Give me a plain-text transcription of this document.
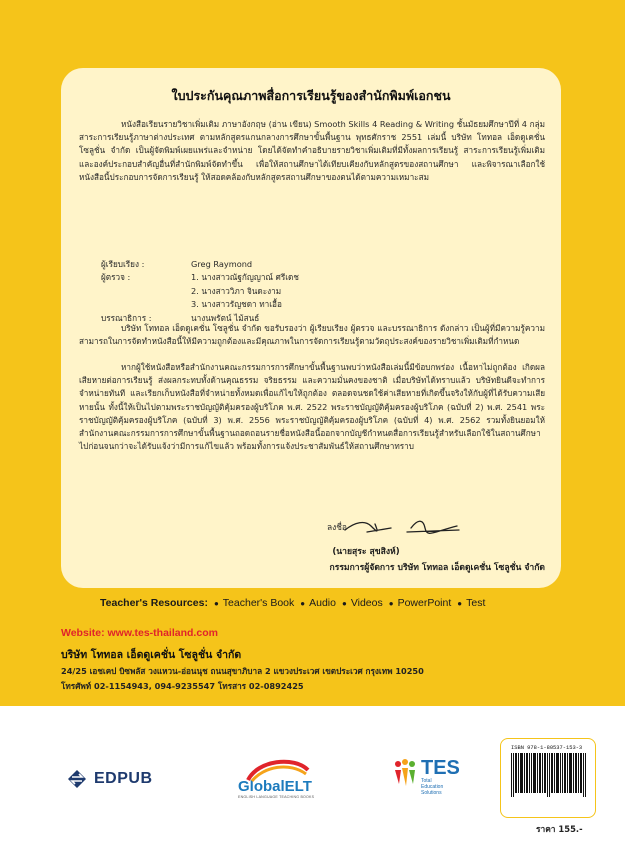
ใบประกันคุณภาพสื่อการเรียนรู้ของสำนักพิมพ์เอกชน
หนังสือเรียนรายวิชาเพิ่มเติม ภาษาอังกฤษ (อ่าน เขียน) Smooth Skills 4 Reading & Writing ชั้นมัธยมศึกษาปีที่ 4 กลุ่มสาระการเรียนรู้ภาษาต่างประเทศ ตามหลักสูตรแกนกลางการศึกษาขั้นพื้นฐาน พุทธศักราช 2551 เล่มนี้ บริษัท โททอล เอ็ดดูเคชั่น โซลูชั่น จำกัด เป็นผู้จัดพิมพ์เผยแพร่และจำหน่าย โดยได้จัดทำคำอธิบายรายวิชาเพิ่มเติมที่มีทั้งผลการเรียนรู้ สาระการเรียนรู้เพิ่มเติมและองค์ประกอบสำคัญอื่นที่สำนักพิมพ์จัดทำขึ้น เพื่อให้สถานศึกษาได้เทียบเคียงกับหลักสูตรของสถานศึกษา และพิจารณาเลือกใช้หนังสือนี้ประกอบการจัดการเรียนรู้ ให้สอดคล้องกับหลักสูตรสถานศึกษาของตนได้ตามความเหมาะสม
ผู้เรียบเรียง :	Greg Raymond
ผู้ตรวจ :	1. นางสาวณัฐกัญญาณ์ ศรีเดช
2. นางสาววิภา จินดะงาม
3. นางสาวรัญชดา ทาเอื้อ
บรรณาธิการ :	นางนพรัตน์ ไม้สนธ์
บริษัท โททอล เอ็ดดูเคชั่น โซลูชั่น จำกัด ขอรับรองว่า ผู้เรียบเรียง ผู้ตรวจ และบรรณาธิการ ดังกล่าว เป็นผู้ที่มีความรู้ความสามารถในการจัดทำหนังสือนี้ให้มีความถูกต้องและมีคุณภาพในการจัดการเรียนรู้ตามวัตถุประสงค์ของรายวิชาเพิ่มเติมที่กำหนด
หากผู้ใช้หนังสือหรือสำนักงานคณะกรรมการการศึกษาขั้นพื้นฐานพบว่าหนังสือเล่มนี้มีข้อบกพร่อง เนื้อหาไม่ถูกต้อง เกิดผลเสียหายต่อการเรียนรู้ ส่งผลกระทบทั้งด้านคุณธรรม จริยธรรม และความมั่นคงของชาติ เมื่อบริษัทได้ทราบแล้ว บริษัทยินดีจะทำการจำหน่ายทันที และเรียกเก็บหนังสือที่จำหน่ายทั้งหมดเพื่อแก้ไขให้ถูกต้อง ตลอดจนชดใช้ค่าเสียหายที่เกิดขึ้นจริงให้กับผู้ที่ได้รับความเสียหายนั้น ทั้งนี้ให้เป็นไปตามพระราชบัญญัติคุ้มครองผู้บริโภค พ.ศ. 2522 พระราชบัญญัติคุ้มครองผู้บริโภค (ฉบับที่ 2) พ.ศ. 2541 พระราชบัญญัติคุ้มครองผู้บริโภค (ฉบับที่ 3) พ.ศ. 2556 พระราชบัญญัติคุ้มครองผู้บริโภค (ฉบับที่ 4) พ.ศ. 2562 รวมทั้งยินยอมให้สำนักงานคณะกรรมการการศึกษาขั้นพื้นฐานถอดถอนรายชื่อหนังสือนี้ออกจากบัญชีกำหนดสื่อการเรียนรู้สำหรับเลือกใช้ในสถานศึกษาไปก่อนจนกว่าจะได้รับแจ้งว่ามีการแก้ไขแล้ว พร้อมทั้งการแจ้งประชาสัมพันธ์ให้สถานศึกษาทราบ
ลงชื่อ
(นายสุระ สุขสิงห์)
กรรมการผู้จัดการ บริษัท โททอล เอ็ดดูเคชั่น โซลูชั่น จำกัด
Teacher's Resources:	● Teacher's Book	● Audio	● Videos	● PowerPoint	● Test
Website: www.tes-thailand.com
บริษัท โททอล เอ็ดดูเคชั่น โซลูชั่น จำกัด
24/25 เอชเคป บิซพลัส วงแหวน-อ่อนนุช ถนนสุขาภิบาล 2 แขวงประเวศ เขตประเวศ กรุงเทพ 10250
โทรศัพท์ 02-1154943, 094-9235547 โทรสาร 02-0892425
EDPUB	GlobalELT
ENGLISH LANGUAGE TEACHING BOOKS
TES
Total
Education
Solutions
ISBN 978-1-80537-153-3
ราคา 155.-
